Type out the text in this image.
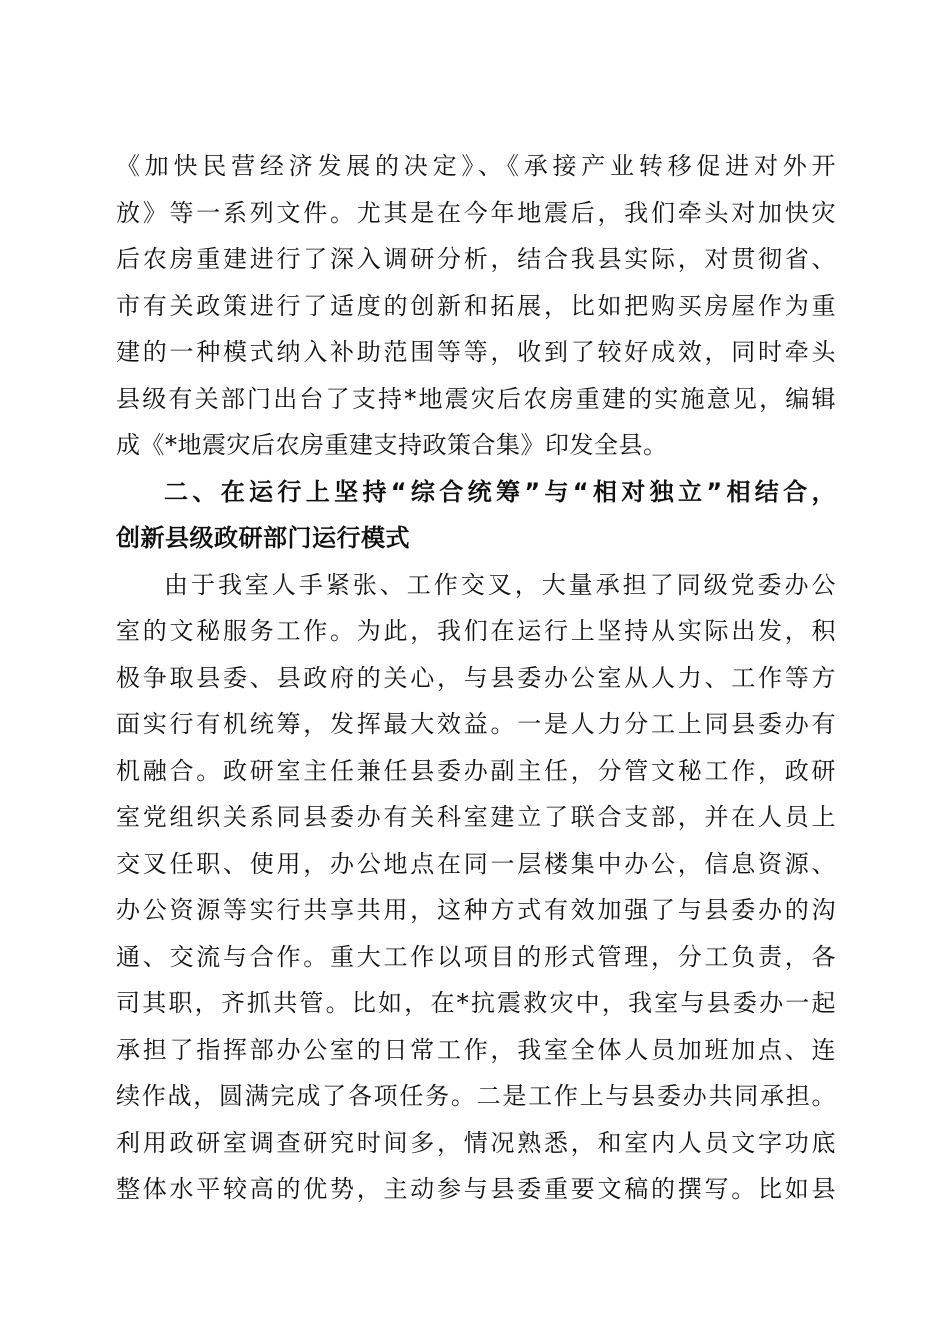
《加快民营经济发展的决定》、《承接产业转移促进对外开
放》等一系列文件。尤其是在今年地震后，我们牵头对加快灾
后农房重建进行了深入调研分析，结合我县实际，对贯彻省、
市有关政策进行了适度的创新和拓展，比如把购买房屋作为重
建的一种模式纳入补助范围等等，收到了较好成效，同时牵头
县级有关部门出台了支持*地震灾后农房重建的实施意见，编辑
成《*地震灾后农房重建支持政策合集》印发全县。
二、在运行上坚持“综合统筹”与“相对独立”相结合，
创新县级政研部门运行模式
由于我室人手紧张、工作交叉，大量承担了同级党委办公
室的文秘服务工作。为此，我们在运行上坚持从实际出发，积
极争取县委、县政府的关心，与县委办公室从人力、工作等方
面实行有机统筹，发挥最大效益。一是人力分工上同县委办有
机融合。政研室主任兼任县委办副主任，分管文秘工作，政研
室党组织关系同县委办有关科室建立了联合支部，并在人员上
交叉任职、使用，办公地点在同一层楼集中办公，信息资源、
办公资源等实行共享共用，这种方式有效加强了与县委办的沟
通、交流与合作。重大工作以项目的形式管理，分工负责，各
司其职，齐抓共管。比如，在*抗震救灾中，我室与县委办一起
承担了指挥部办公室的日常工作，我室全体人员加班加点、连
续作战，圆满完成了各项任务。二是工作上与县委办共同承担。
利用政研室调查研究时间多，情况熟悉，和室内人员文字功底
整体水平较高的优势，主动参与县委重要文稿的撰写。比如县
